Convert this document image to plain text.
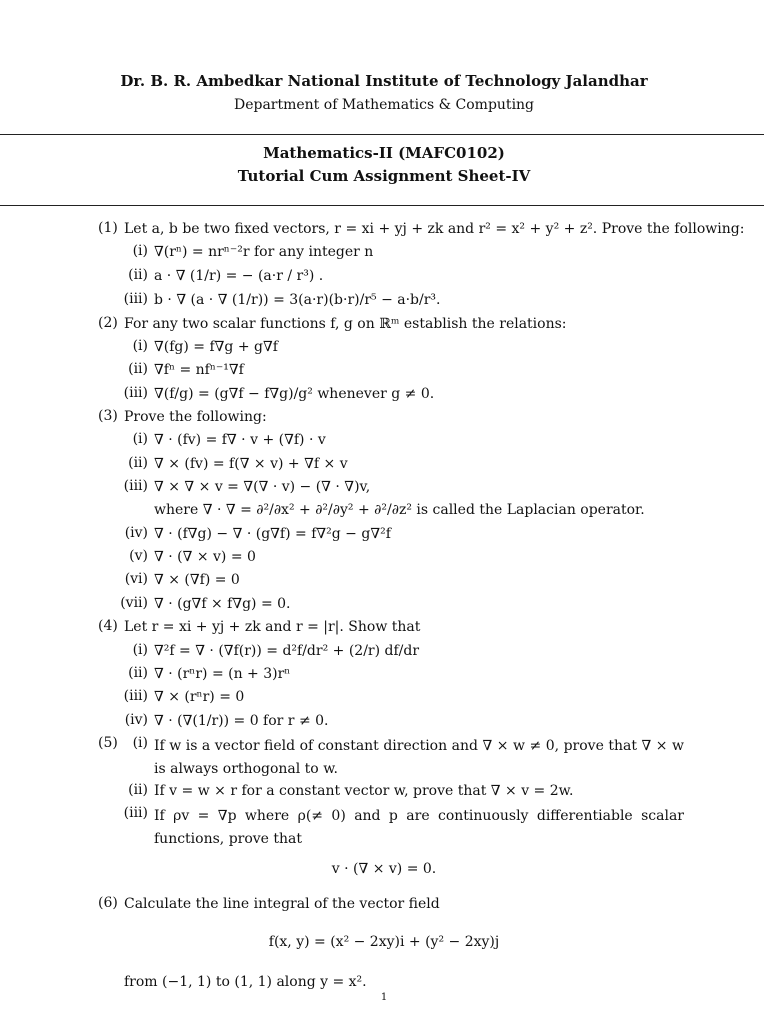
Dr. B. R. Ambedkar National Institute of Technology Jalandhar
Department of Mathematics & Computing
Mathematics-II (MAFC0102)
Tutorial Cum Assignment Sheet-IV
(1) Let a, b be two fixed vectors, r = xi + yj + zk and r² = x² + y² + z². Prove the following:
(i) ∇(rⁿ) = nrⁿ⁻²r for any integer n
(ii) a · ∇ (1/r) = − (a·r / r³) .
(iii) b · ∇ (a · ∇ (1/r)) = 3(a·r)(b·r)/r⁵ − a·b/r³.
(2) For any two scalar functions f, g on ℝᵐ establish the relations:
(i) ∇(fg) = f∇g + g∇f
(ii) ∇fⁿ = nfⁿ⁻¹∇f
(iii) ∇(f/g) = (g∇f − f∇g)/g² whenever g ≠ 0.
(3) Prove the following:
(i) ∇ · (fv) = f∇ · v + (∇f) · v
(ii) ∇ × (fv) = f(∇ × v) + ∇f × v
(iii) ∇ × ∇ × v = ∇(∇ · v) − (∇ · ∇)v,
where ∇ · ∇ = ∂²/∂x² + ∂²/∂y² + ∂²/∂z² is called the Laplacian operator.
(iv) ∇ · (f∇g) − ∇ · (g∇f) = f∇²g − g∇²f
(v) ∇ · (∇ × v) = 0
(vi) ∇ × (∇f) = 0
(vii) ∇ · (g∇f × f∇g) = 0.
(4) Let r = xi + yj + zk and r = |r|. Show that
(i) ∇²f = ∇ · (∇f(r)) = d²f/dr² + (2/r) df/dr
(ii) ∇ · (rⁿr) = (n + 3)rⁿ
(iii) ∇ × (rⁿr) = 0
(iv) ∇ · (∇(1/r)) = 0 for r ≠ 0.
(5)	(i) If w is a vector field of constant direction and ∇ × w ≠ 0, prove that ∇ × w is always orthogonal to w.
(ii) If v = w × r for a constant vector w, prove that ∇ × v = 2w.
(iii) If ρv = ∇p where ρ(≠ 0) and p are continuously differentiable scalar functions, prove that
v · (∇ × v) = 0.
(6) Calculate the line integral of the vector field
f(x, y) = (x² − 2xy)i + (y² − 2xy)j
from (−1, 1) to (1, 1) along y = x².
1
